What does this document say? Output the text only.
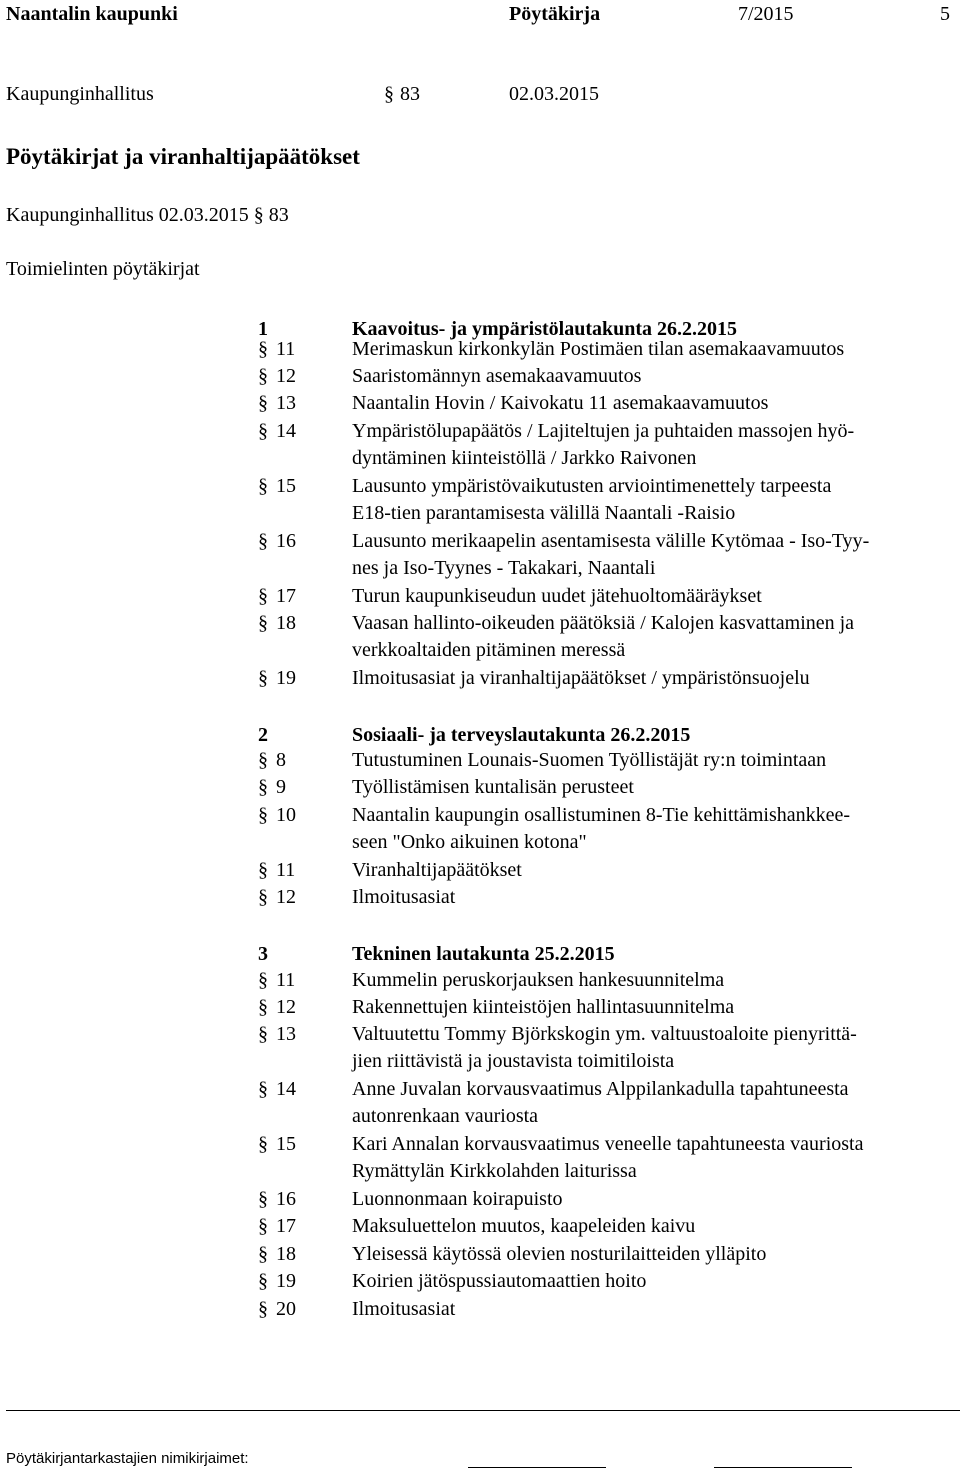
Naantalin kaupunki	Pöytäkirja	7/2015	5
Kaupunginhallitus	§ 83	02.03.2015
Pöytäkirjat ja viranhaltijapäätökset
Kaupunginhallitus 02.03.2015 § 83
Toimielinten pöytäkirjat
1	Kaavoitus- ja ympäristölautakunta 26.2.2015
§ 11	Merimaskun kirkonkylän Postimäen tilan asemakaavamuutos
§ 12	Saaristomännyn asemakaavamuutos
§ 13	Naantalin Hovin / Kaivokatu 11 asemakaavamuutos
§ 14	Ympäristölupapäätös / Lajiteltujen ja puhtaiden massojen hyö-
dyntäminen kiinteistöllä / Jarkko Raivonen
§ 15	Lausunto ympäristövaikutusten arviointimenettely tarpeesta
E18-tien parantamisesta välillä Naantali -Raisio
§ 16	Lausunto merikaapelin asentamisesta välille Kytömaa - Iso-Tyy-
nes ja Iso-Tyynes - Takakari, Naantali
§ 17	Turun kaupunkiseudun uudet jätehuoltomääräykset
§ 18	Vaasan hallinto-oikeuden päätöksiä / Kalojen kasvattaminen ja
verkkoaltaiden pitäminen meressä
§ 19	Ilmoitusasiat ja viranhaltijapäätökset / ympäristönsuojelu
2	Sosiaali- ja terveyslautakunta 26.2.2015
§ 8	Tutustuminen Lounais-Suomen Työllistäjät ry:n toimintaan
§ 9	Työllistämisen kuntalisän perusteet
§ 10	Naantalin kaupungin osallistuminen 8-Tie kehittämishankkee-
seen "Onko aikuinen kotona"
§ 11	Viranhaltijapäätökset
§ 12	Ilmoitusasiat
3	Tekninen lautakunta 25.2.2015
§ 11	Kummelin peruskorjauksen hankesuunnitelma
§ 12	Rakennettujen kiinteistöjen hallintasuunnitelma
§ 13	Valtuutettu Tommy Björkskogin ym. valtuustoaloite pienyrittä-
jien riittävistä ja joustavista toimitiloista
§ 14	Anne Juvalan korvausvaatimus Alppilankadulla tapahtuneesta
autonrenkaan vauriosta
§ 15	Kari Annalan korvausvaatimus veneelle tapahtuneesta vauriosta
Rymättylän Kirkkolahden laiturissa
§ 16	Luonnonmaan koirapuisto
§ 17	Maksuluettelon muutos, kaapeleiden kaivu
§ 18	Yleisessä käytössä olevien nosturilaitteiden ylläpito
§ 19	Koirien jätöspussiautomaattien hoito
§ 20	Ilmoitusasiat
Pöytäkirjantarkastajien nimikirjaimet:
